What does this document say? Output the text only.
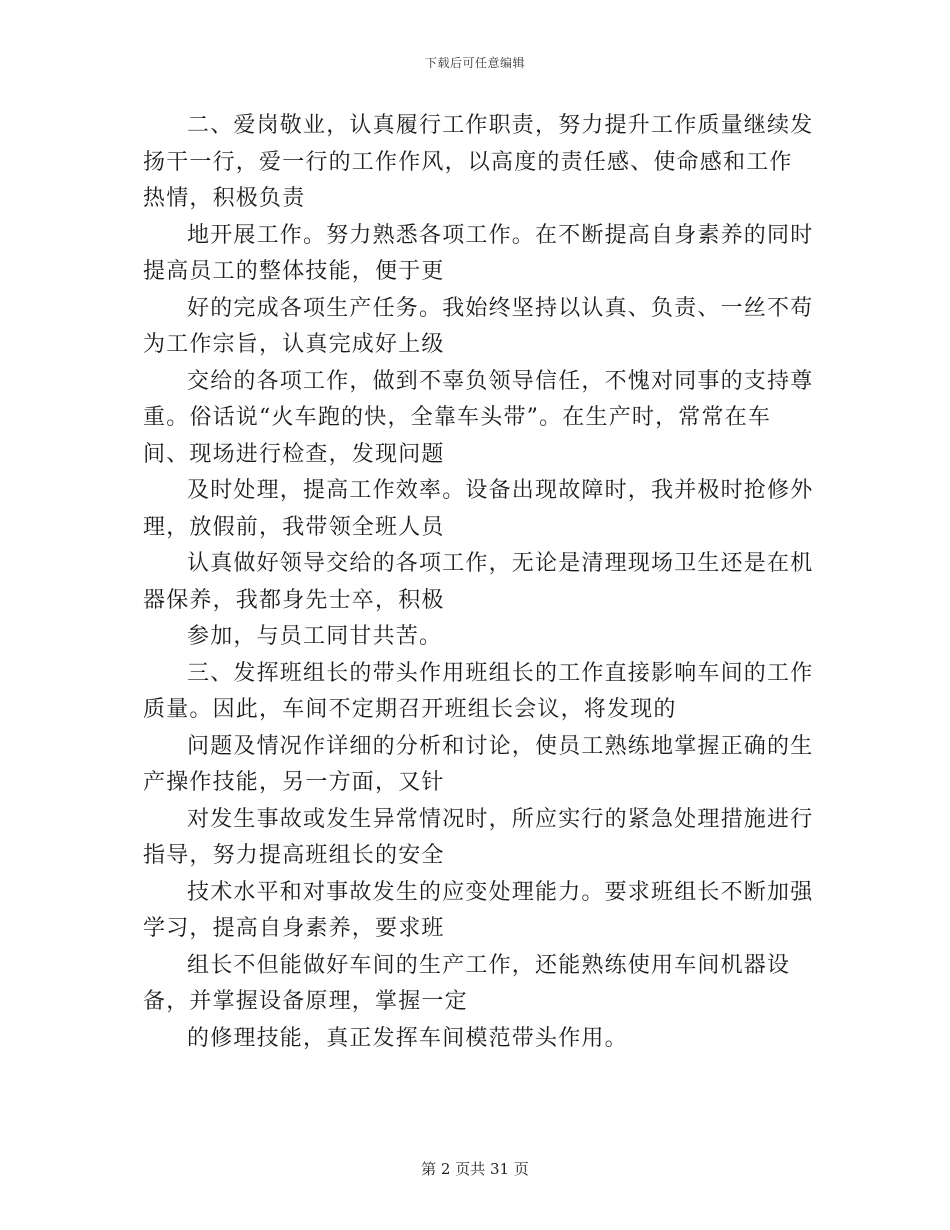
下载后可任意编辑

二、爱岗敬业，认真履行工作职责，努力提升工作质量继续发扬干一行，爱一行的工作作风，以高度的责任感、使命感和工作热情，积极负责

地开展工作。努力熟悉各项工作。在不断提高自身素养的同时提高员工的整体技能，便于更

好的完成各项生产任务。我始终坚持以认真、负责、一丝不苟为工作宗旨，认真完成好上级

交给的各项工作，做到不辜负领导信任，不愧对同事的支持尊重。俗话说“火车跑的快，全靠车头带”。在生产时，常常在车间、现场进行检查，发现问题

及时处理，提高工作效率。设备出现故障时，我并极时抢修外理，放假前，我带领全班人员

认真做好领导交给的各项工作，无论是清理现场卫生还是在机器保养，我都身先士卒，积极

参加，与员工同甘共苦。

三、发挥班组长的带头作用班组长的工作直接影响车间的工作质量。因此，车间不定期召开班组长会议，将发现的

问题及情况作详细的分析和讨论，使员工熟练地掌握正确的生产操作技能，另一方面，又针

对发生事故或发生异常情况时，所应实行的紧急处理措施进行指导，努力提高班组长的安全

技术水平和对事故发生的应变处理能力。要求班组长不断加强学习，提高自身素养，要求班

组长不但能做好车间的生产工作，还能熟练使用车间机器设备，并掌握设备原理，掌握一定

的修理技能，真正发挥车间模范带头作用。

第 2 页共 31 页
